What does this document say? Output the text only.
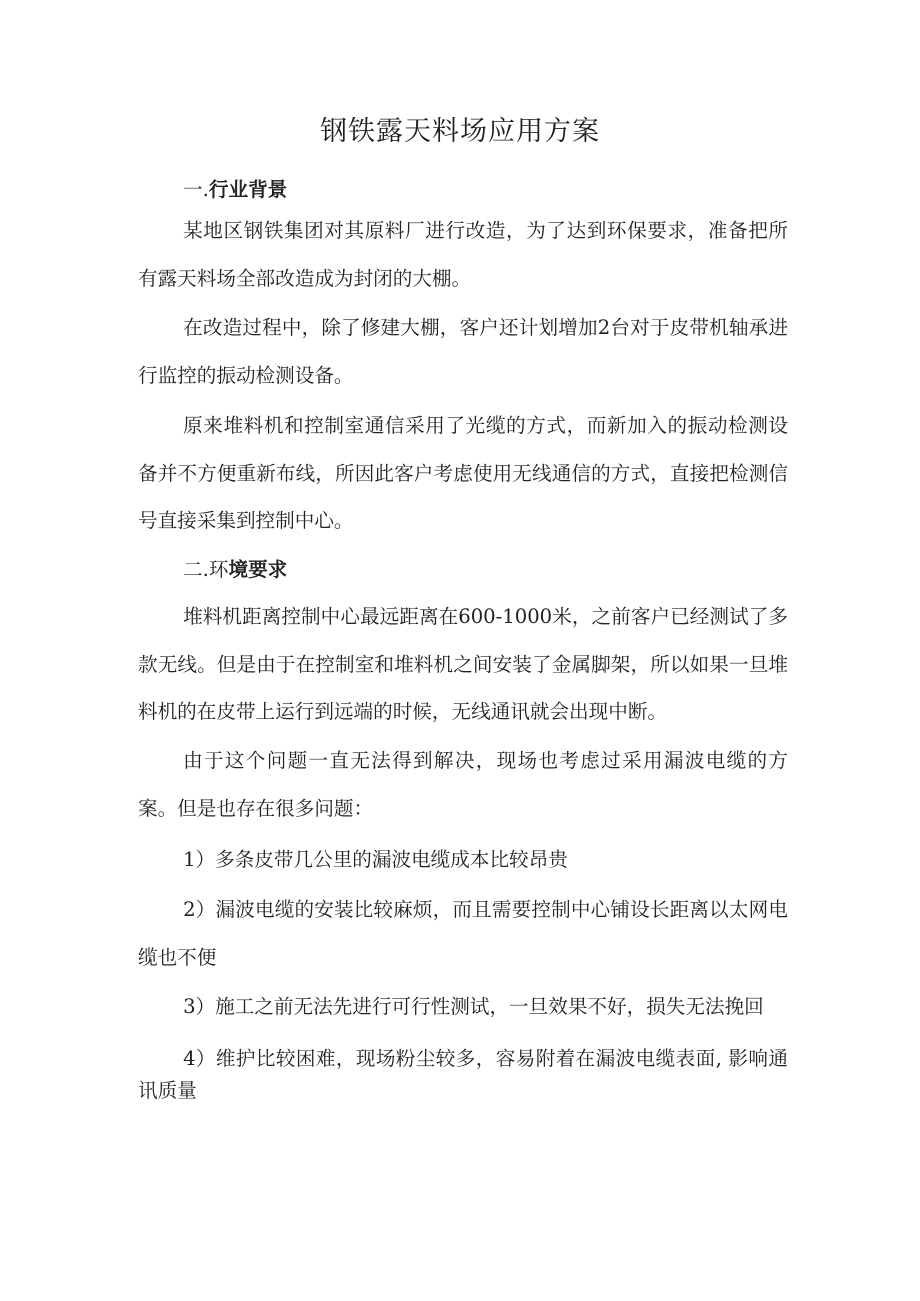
钢铁露天料场应用方案
一.行业背景
某地区钢铁集团对其原料厂进行改造，为了达到环保要求，准备把所有露天料场全部改造成为封闭的大棚。
在改造过程中，除了修建大棚，客户还计划增加2台对于皮带机轴承进行监控的振动检测设备。
原来堆料机和控制室通信采用了光缆的方式，而新加入的振动检测设备并不方便重新布线，所因此客户考虑使用无线通信的方式，直接把检测信号直接采集到控制中心。
二.环境要求
堆料机距离控制中心最远距离在600-1000米，之前客户已经测试了多款无线。但是由于在控制室和堆料机之间安装了金属脚架，所以如果一旦堆料机的在皮带上运行到远端的时候，无线通讯就会出现中断。
由于这个问题一直无法得到解决，现场也考虑过采用漏波电缆的方案。但是也存在很多问题：
1）多条皮带几公里的漏波电缆成本比较昂贵
2）漏波电缆的安装比较麻烦，而且需要控制中心铺设长距离以太网电缆也不便
3）施工之前无法先进行可行性测试，一旦效果不好，损失无法挽回
4）维护比较困难，现场粉尘较多，容易附着在漏波电缆表面, 影响通讯质量
